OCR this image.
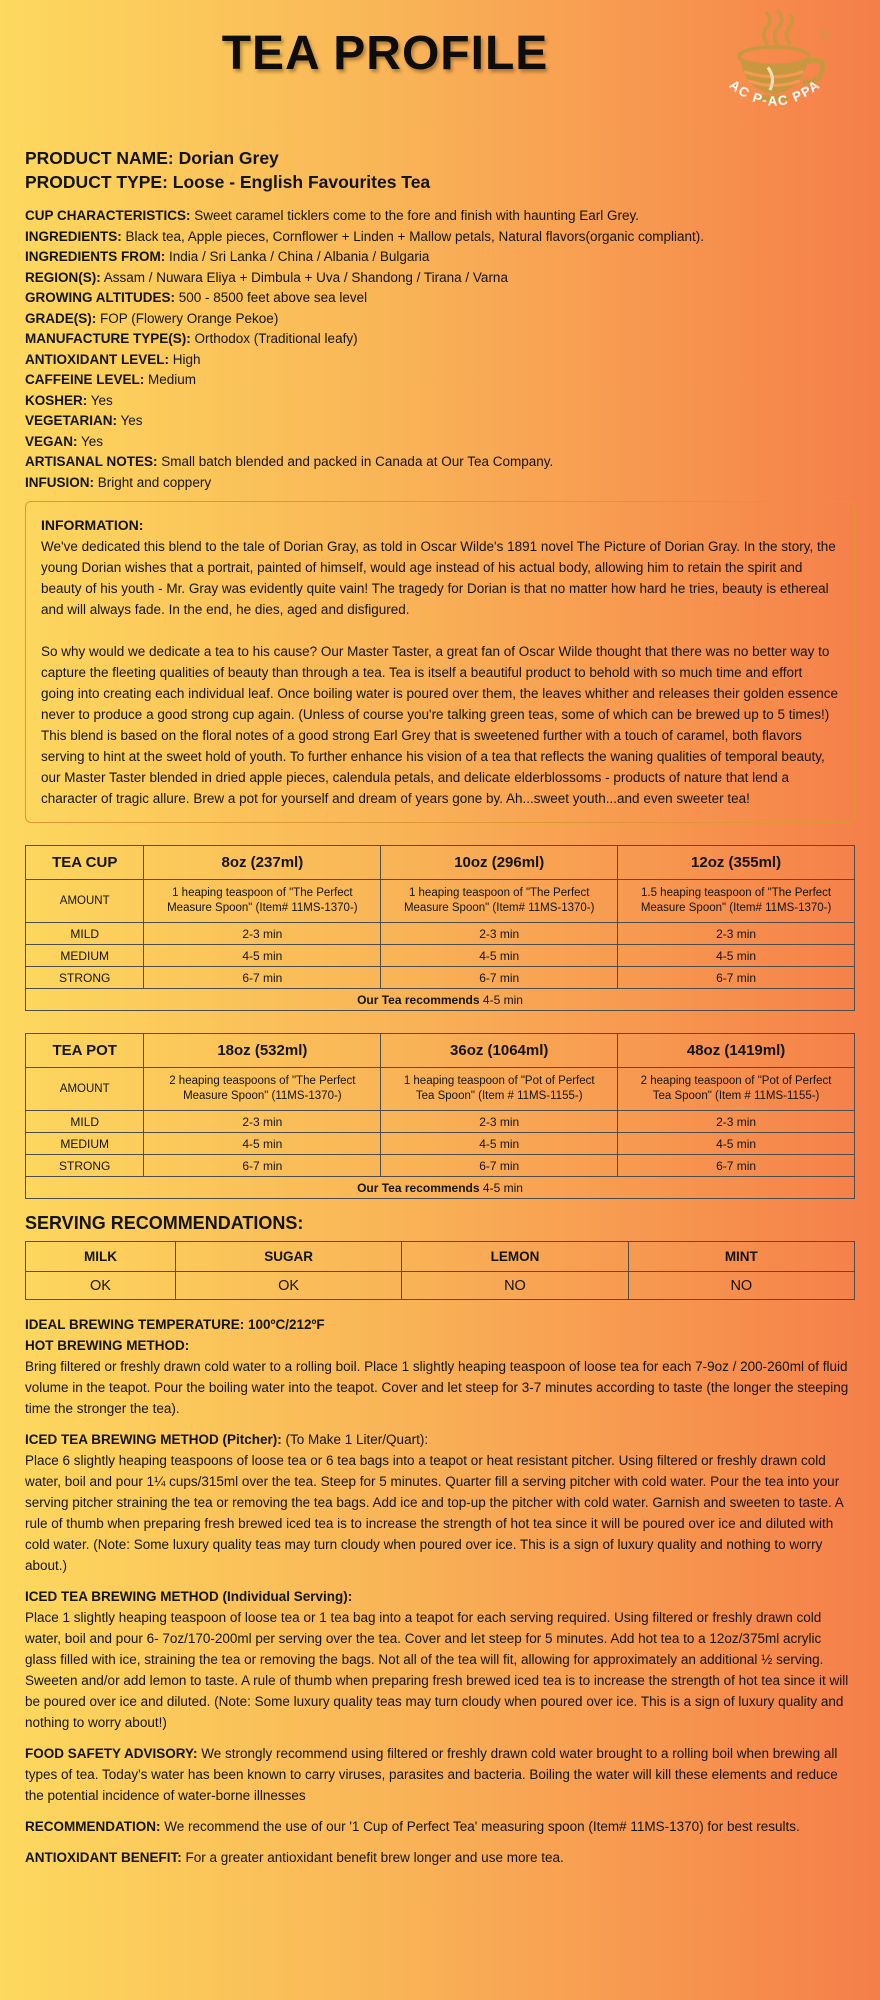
TEA PROFILE	©
AC P-AC PPA

PRODUCT NAME: Dorian Grey

PRODUCT TYPE: Loose - English Favourites Tea

CUP CHARACTERISTICS: Sweet caramel ticklers come to the fore and finish with haunting Earl Grey.
INGREDIENTS: Black tea, Apple pieces, Cornflower + Linden + Mallow petals, Natural flavors(organic compliant).
INGREDIENTS FROM: India / Sri Lanka / China / Albania / Bulgaria
REGION(S): Assam / Nuwara Eliya + Dimbula + Uva / Shandong / Tirana / Varna
GROWING ALTITUDES: 500 - 8500 feet above sea level
GRADE(S): FOP (Flowery Orange Pekoe)
MANUFACTURE TYPE(S): Orthodox (Traditional leafy)
ANTIOXIDANT LEVEL: High
CAFFEINE LEVEL: Medium
KOSHER: Yes
VEGETARIAN: Yes
VEGAN: Yes
ARTISANAL NOTES: Small batch blended and packed in Canada at Our Tea Company.
INFUSION: Bright and coppery

INFORMATION:

We've dedicated this blend to the tale of Dorian Gray, as told in Oscar Wilde's 1891 novel The Picture of Dorian Gray. In the story, the young Dorian wishes that a portrait, painted of himself, would age instead of his actual body, allowing him to retain the spirit and beauty of his youth - Mr. Gray was evidently quite vain! The tragedy for Dorian is that no matter how hard he tries, beauty is ethereal and will always fade. In the end, he dies, aged and disfigured.

So why would we dedicate a tea to his cause? Our Master Taster, a great fan of Oscar Wilde thought that there was no better way to capture the fleeting qualities of beauty than through a tea. Tea is itself a beautiful product to behold with so much time and effort going into creating each individual leaf. Once boiling water is poured over them, the leaves whither and releases their golden essence never to produce a good strong cup again. (Unless of course you're talking green teas, some of which can be brewed up to 5 times!) This blend is based on the floral notes of a good strong Earl Grey that is sweetened further with a touch of caramel, both flavors serving to hint at the sweet hold of youth. To further enhance his vision of a tea that reflects the waning qualities of temporal beauty, our Master Taster blended in dried apple pieces, calendula petals, and delicate elderblossoms - products of nature that lend a character of tragic allure. Brew a pot for yourself and dream of years gone by. Ah...sweet youth...and even sweeter tea!

TEA CUP	8oz (237ml)	10oz (296ml)	12oz (355ml)
AMOUNT	1 heaping teaspoon of "The Perfect Measure Spoon" (Item# 11MS-1370-)	1 heaping teaspoon of "The Perfect Measure Spoon" (Item# 11MS-1370-)	1.5 heaping teaspoon of "The Perfect Measure Spoon" (Item# 11MS-1370-)
MILD	2-3 min	2-3 min	2-3 min
MEDIUM	4-5 min	4-5 min	4-5 min
STRONG	6-7 min	6-7 min	6-7 min
Our Tea recommends 4-5 min			
TEA POT	18oz (532ml)	36oz (1064ml)	48oz (1419ml)
AMOUNT	2 heaping teaspoons of "The Perfect Measure Spoon" (11MS-1370-)	1 heaping teaspoon of "Pot of Perfect Tea Spoon" (Item # 11MS-1155-)	2 heaping teaspoon of "Pot of Perfect Tea Spoon" (Item # 11MS-1155-)
MILD	2-3 min	2-3 min	2-3 min
MEDIUM	4-5 min	4-5 min	4-5 min
STRONG	6-7 min	6-7 min	6-7 min
Our Tea recommends 4-5 min			
SERVING RECOMMENDATIONS:
MILK	SUGAR	LEMON	MINT
OK	OK	NO	NO

IDEAL BREWING TEMPERATURE: 100ºC/212ºF

HOT BREWING METHOD:

Bring filtered or freshly drawn cold water to a rolling boil. Place 1 slightly heaping teaspoon of loose tea for each 7-9oz / 200-260ml of fluid volume in the teapot. Pour the boiling water into the teapot. Cover and let steep for 3-7 minutes according to taste (the longer the steeping time the stronger the tea).

ICED TEA BREWING METHOD (Pitcher): (To Make 1 Liter/Quart):

Place 6 slightly heaping teaspoons of loose tea or 6 tea bags into a teapot or heat resistant pitcher. Using filtered or freshly drawn cold water, boil and pour 1¼ cups/315ml over the tea. Steep for 5 minutes. Quarter fill a serving pitcher with cold water. Pour the tea into your serving pitcher straining the tea or removing the tea bags. Add ice and top-up the pitcher with cold water. Garnish and sweeten to taste. A rule of thumb when preparing fresh brewed iced tea is to increase the strength of hot tea since it will be poured over ice and diluted with cold water. (Note: Some luxury quality teas may turn cloudy when poured over ice. This is a sign of luxury quality and nothing to worry about.)

ICED TEA BREWING METHOD (Individual Serving):

Place 1 slightly heaping teaspoon of loose tea or 1 tea bag into a teapot for each serving required. Using filtered or freshly drawn cold water, boil and pour 6- 7oz/170-200ml per serving over the tea. Cover and let steep for 5 minutes. Add hot tea to a 12oz/375ml acrylic glass filled with ice, straining the tea or removing the bags. Not all of the tea will fit, allowing for approximately an additional ½ serving. Sweeten and/or add lemon to taste. A rule of thumb when preparing fresh brewed iced tea is to increase the strength of hot tea since it will be poured over ice and diluted. (Note: Some luxury quality teas may turn cloudy when poured over ice. This is a sign of luxury quality and nothing to worry about!)

FOOD SAFETY ADVISORY: We strongly recommend using filtered or freshly drawn cold water brought to a rolling boil when brewing all types of tea. Today's water has been known to carry viruses, parasites and bacteria. Boiling the water will kill these elements and reduce the potential incidence of water-borne illnesses

RECOMMENDATION: We recommend the use of our '1 Cup of Perfect Tea' measuring spoon (Item# 11MS-1370) for best results.

ANTIOXIDANT BENEFIT: For a greater antioxidant benefit brew longer and use more tea.
